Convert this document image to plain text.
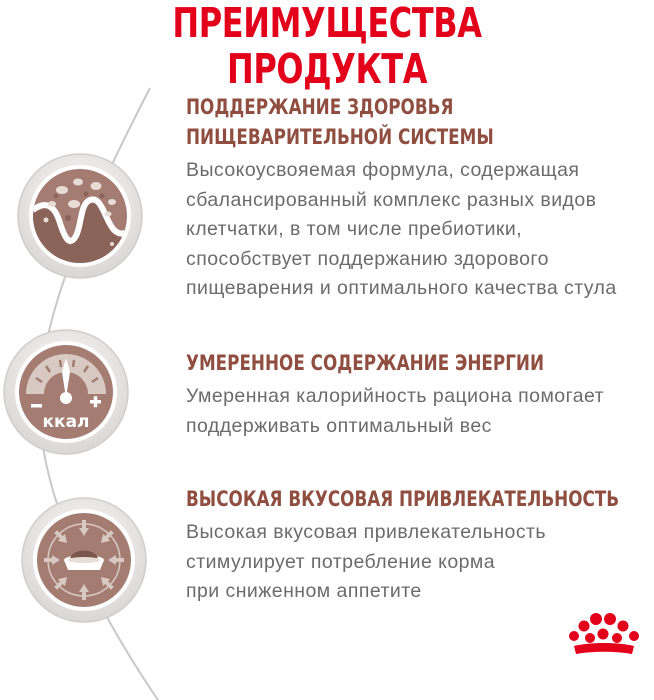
ПРЕИМУЩЕСТВА ПРОДУКТА
ккал
ПОДДЕРЖАНИЕ ЗДОРОВЬЯ
ПИЩЕВАРИТЕЛЬНОЙ СИСТЕМЫ
Высокоусвояемая формула, содержащая
сбалансированный комплекс разных видов
клетчатки, в том числе пребиотики,
способствует поддержанию здорового
пищеварения и оптимального качества стула
УМЕРЕННОЕ СОДЕРЖАНИЕ ЭНЕРГИИ
Умеренная калорийность рациона помогает
поддерживать оптимальный вес
ВЫСОКАЯ ВКУСОВАЯ ПРИВЛЕКАТЕЛЬНОСТЬ
Высокая вкусовая привлекательность
стимулирует потребление корма
при сниженном аппетите
